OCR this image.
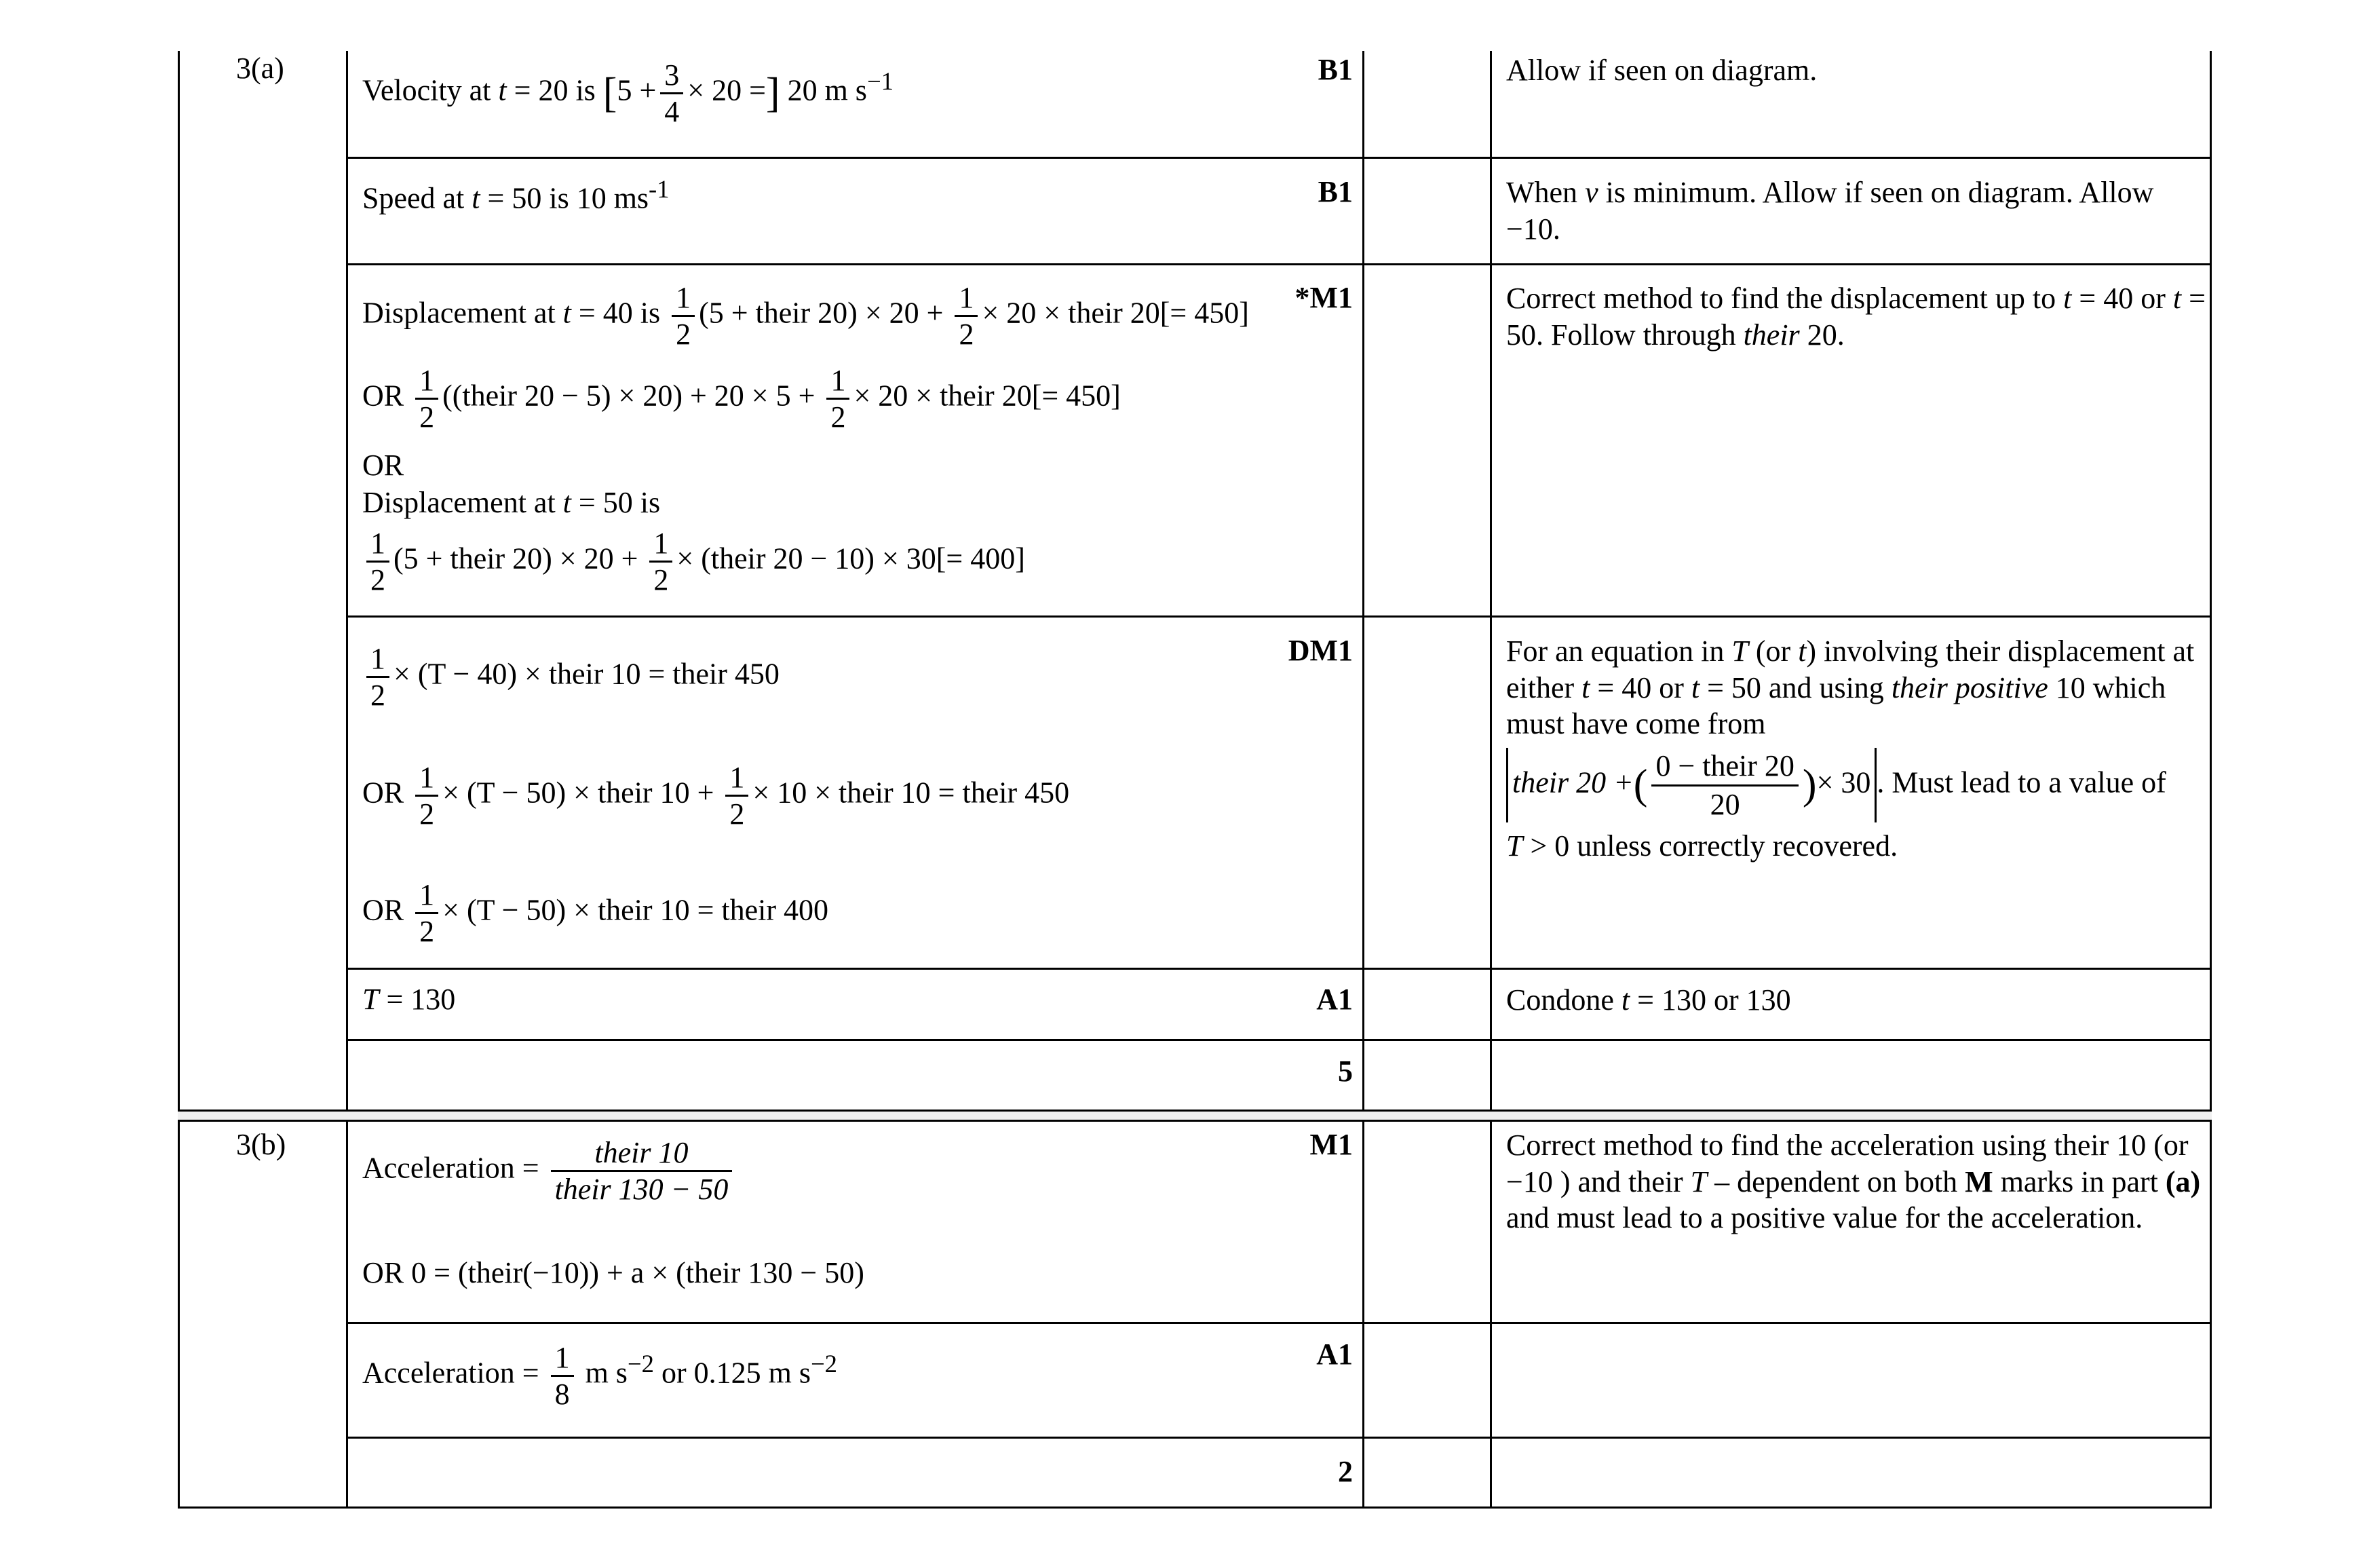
3(a)
Velocity at t = 20 is [$5 + \frac{3}{4} \times 20$ =] 20 m $s^{-1}$	B1	Allow if seen on diagram.
Speed at t = 50 is 10 $ms^{-1}$	B1	When v is minimum. Allow if seen on diagram. Allow −10.
Displacement at t = 40 is $\frac{1}{2} (5$ + their $20) \times 20 + \frac{1}{2} \times 20$ × their 20[= 450]
OR $\frac{1}{2}$ ((their $20 - 5) \times 20) + 20 \times 5 + \frac{1}{2} \times 20$ × their 20[= 450]
OR
Displacement at t = 50 is
$\frac{1}{2} (5$ + their $20) \times 20 + \frac{1}{2}$ × (their 20 − 10) × 30[= 400]
*M1	Correct method to find the displacement up to t = 40 or t = 50. Follow through their 20.
$\frac{1}{2} \times (T - 40)$ × their 10 = their 450
OR $\frac{1}{2} \times (T - 50)$ × their $10 + \frac{1}{2} \times 10$ × their 10 = their 450
OR $\frac{1}{2} \times (T - 50)$ × their 10 = their 400
DM1	For an equation in T (or t) involving their displacement at either t = 40 or t = 50 and using their positive 10 which must have come from
their 20 +( $\frac{\text{0 − their 20}}{20}$ )× 30 . Must lead to a value of
T > 0 unless correctly recovered.
T = 130	A1	Condone t = 130 or 130
5
3(b)
Acceleration = $\frac{\text{their 10}}{\text{their 130 − 50}}$
OR 0 = (their(−10)) + a × (their 130 − 50)
M1	Correct method to find the acceleration using their 10 (or −10 ) and their T – dependent on both M marks in part (a) and must lead to a positive value for the acceleration.
Acceleration = $\frac{1}{8}$ m $s^{-2}$ or 0.125 m $s^{-2}$	A1
2
